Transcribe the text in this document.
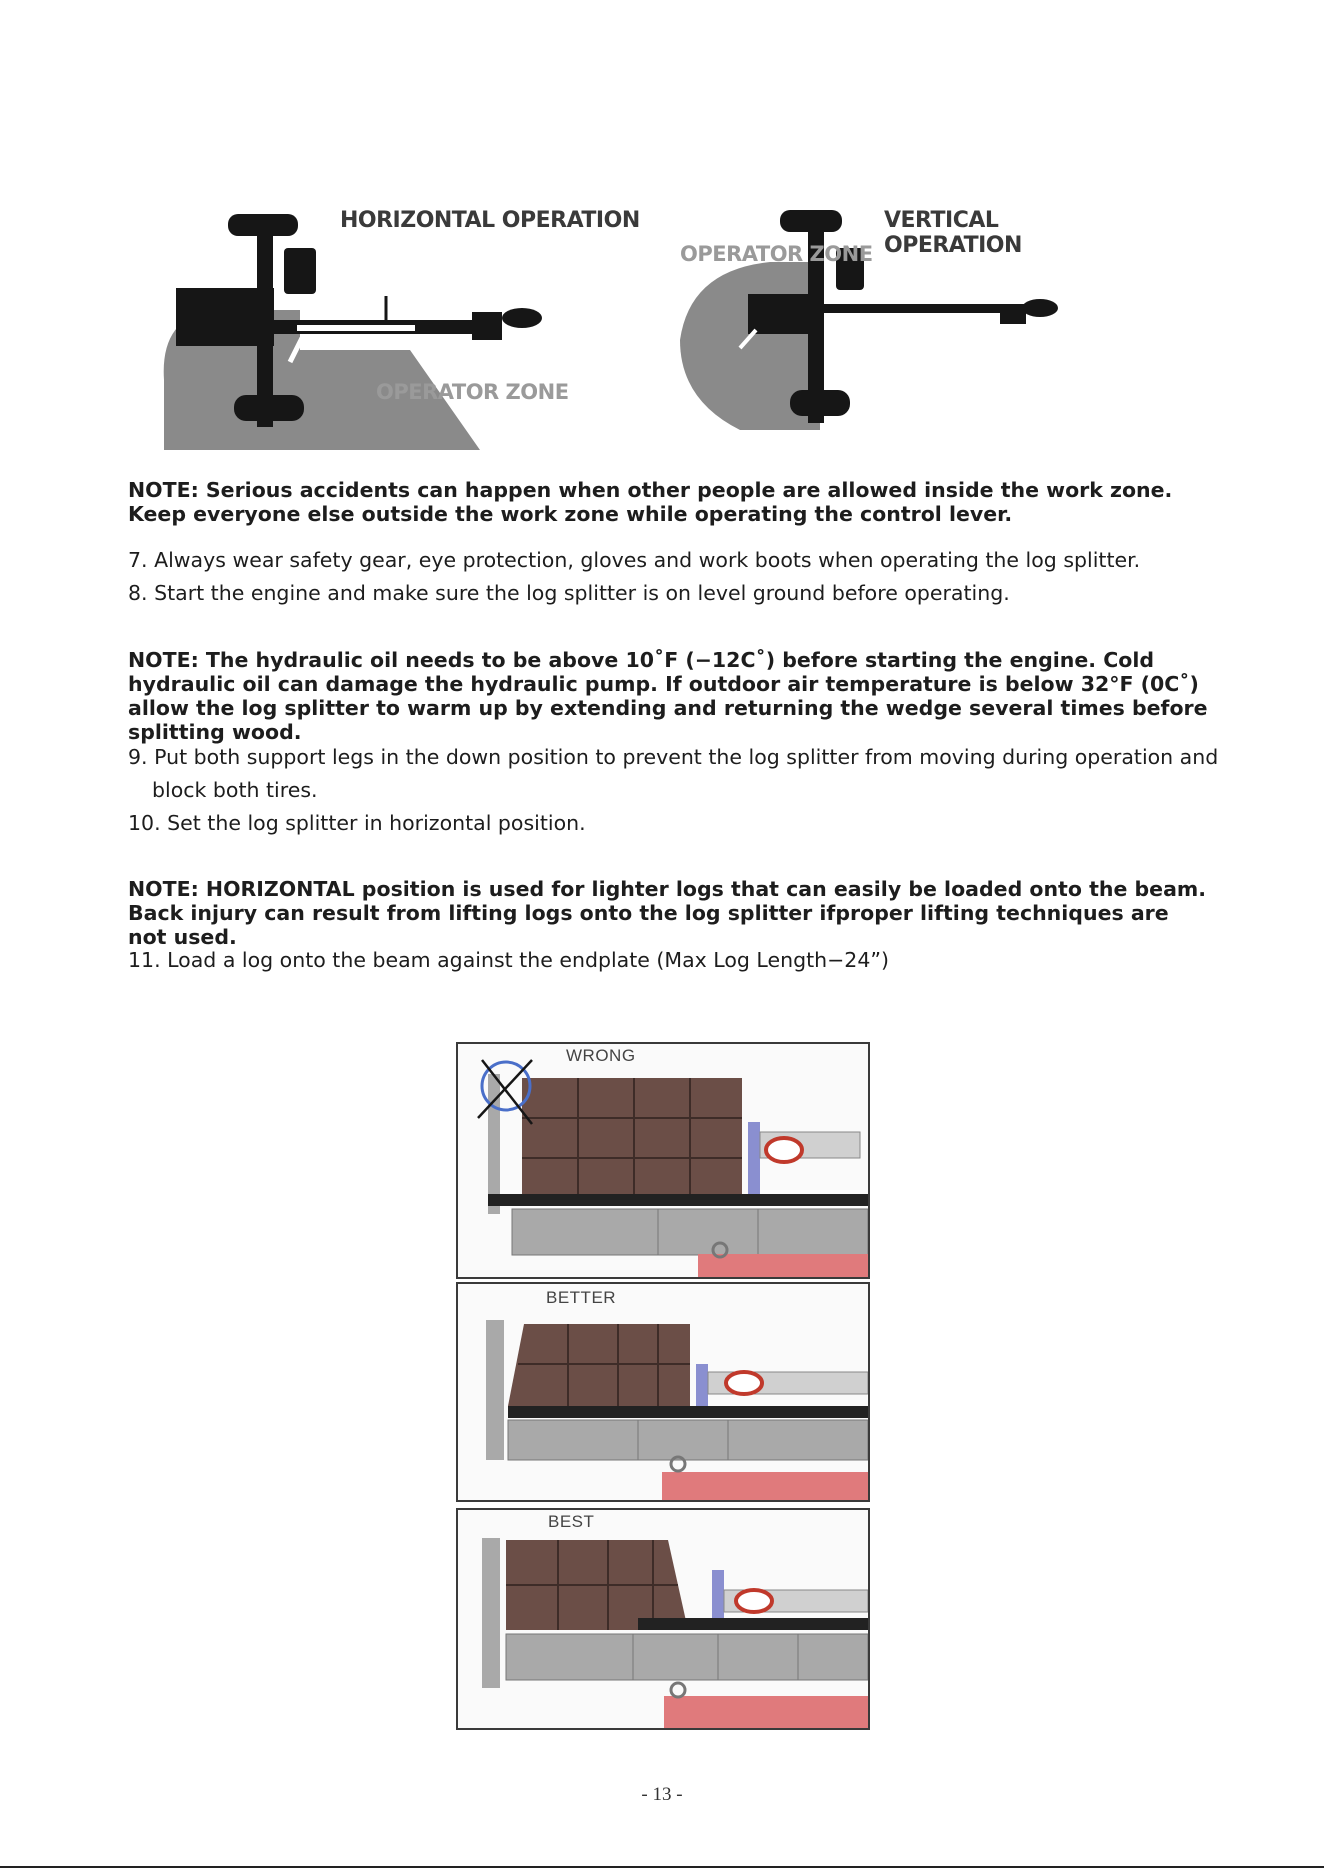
HORIZONTAL OPERATION
OPERATOR ZONE
VERTICAL OPERATION
OPERATOR ZONE
NOTE: Serious accidents can happen when other people are allowed inside the work zone. Keep everyone else outside the work zone while operating the control lever.
7. Always wear safety gear, eye protection, gloves and work boots when operating the log splitter.
8. Start the engine and make sure the log splitter is on level ground before operating.
NOTE: The hydraulic oil needs to be above 10˚F (−12C˚) before starting the engine. Cold hydraulic oil can damage the hydraulic pump. If outdoor air temperature is below 32°F (0C˚) allow the log splitter to warm up by extending and returning the wedge several times before splitting wood.
9. Put both support legs in the down position to prevent the log splitter from moving during operation and
block both tires.
10. Set the log splitter in horizontal position.
NOTE: HORIZONTAL position is used for lighter logs that can easily be loaded onto the beam. Back injury can result from lifting logs onto the log splitter ifproper lifting techniques are not used.
11. Load a log onto the beam against the endplate (Max Log Length−24”)
WRONG
BETTER
BEST
- 13 -
